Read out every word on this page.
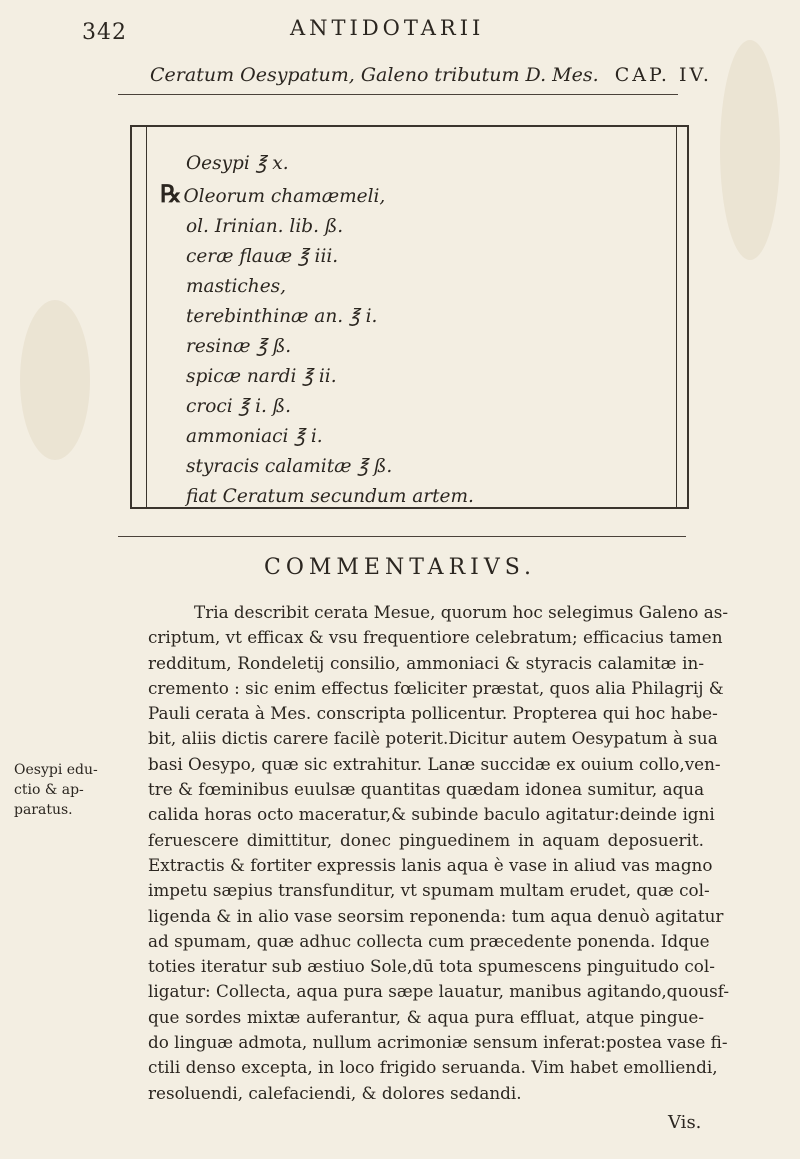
342	ANTIDOTARII
Ceratum Oesypatum, Galeno tributum D. Mes. CAP. IV.
Oesypi ℥ x.
℞ Oleorum chamæmeli,
ol. Irinian. lib. ß.
ceræ flauæ ℥ iii.
mastiches,
terebinthinæ an. ℥ i.
resinæ ℥ ß.
spicæ nardi ℥ ii.
croci ℥ i. ß.
ammoniaci ℥ i.
styracis calamitæ ℥ ß.
fiat Ceratum secundum artem.
COMMENTARIVS.
Oesypi edu-ctio & ap-paratus.
Tria describit cerata Mesue, quorum hoc selegimus Galeno as-
criptum, vt efficax & vsu frequentiore celebratum; efficacius tamen
redditum, Rondeletij consilio, ammoniaci & styracis calamitæ in-
cremento : sic enim effectus fœliciter præstat, quos alia Philagrij &
Pauli cerata à Mes. conscripta pollicentur. Propterea qui hoc habe-
bit, aliis dictis carere facilè poterit.Dicitur autem Oesypatum à sua
basi Oesypo, quæ sic extrahitur. Lanæ succidæ ex ouium collo,ven-
tre & fœminibus euulsæ quantitas quædam idonea sumitur, aqua
calida horas octo maceratur,& subinde baculo agitatur:deinde igni
feruescere dimittitur, donec pinguedinem in aquam deposuerit.
Extractis & fortiter expressis lanis aqua è vase in aliud vas magno
impetu sæpius transfunditur, vt spumam multam erudet, quæ col-
ligenda & in alio vase seorsim reponenda: tum aqua denuò agitatur
ad spumam, quæ adhuc collecta cum præcedente ponenda. Idque
toties iteratur sub æstiuo Sole,dū tota spumescens pinguitudo col-
ligatur: Collecta, aqua pura sæpe lauatur, manibus agitando,quousf-
que sordes mixtæ auferantur, & aqua pura effluat, atque pingue-
do linguæ admota, nullum acrimoniæ sensum inferat:postea vase fi-
ctili denso excepta, in loco frigido seruanda. Vim habet emolliendi,
resoluendi, calefaciendi, & dolores sedandi.
Vis.
